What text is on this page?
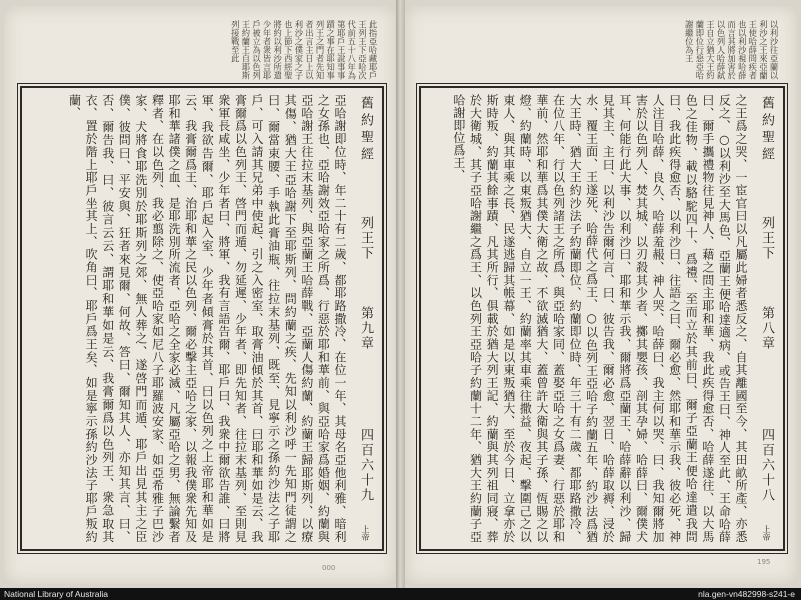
此指亞哈藏耶戶王列王下亞哈次代前五十八年為第耶戶王說事事蹟之事在耶知事列王之門者先知者出言主日上以利沙之僕家之子也上節下西經聖將約以利沙所遣少年者衆皆言耶戶被立為以色列王約蘭王自耶斯列接戰至此
亞哈謝即位時、年二十有二歲、都耶路撒冷、在位一年、其母名亞他利雅、暗利之女孫也、亞哈謝效亞哈家之所爲、行惡於耶和華前、與亞哈家爲婚姻、約蘭與亞哈謝王往拉末基列、與亞蘭王哈薛戰、亞蘭人傷約蘭、約蘭王歸耶斯列、以療其傷、猶大王亞哈謝下至耶斯列、問約蘭之疾、先知以利沙呼一先知門徒謂之曰、爾當束腰、手執此膏油瓶、往拉末基列、既至、見寧示之孫約沙法之子耶戶、可入請其兄弟中使起、引之入密室、取膏油傾於其首、曰耶和華如是云、我膏爾爲以色列王、啓門而遁、勿延遲、少年者、即先知者、往拉末基列、至則見衆軍長咸坐、少年者曰、將軍、我有言語告爾、耶戶曰、我衆中爾欲告誰、曰將軍、我欲告爾、耶戶起入室、少年者傾膏於其首、曰以色列之上帝耶和華如是云、我膏爾爲王、治耶和華之民以色列、爾必擊主亞哈之家、以報我僕衆先知及耶和華諸僕之血、是耶洗別所流者、亞哈之全家必滅、凡屬亞哈之男、無論繫者釋者、在以色列、我必翦除之、使亞哈家如尼八子耶羅波安家、如亞希雅子巴沙家、犬將食耶洗別於耶斯列之郊、無人葬之、遂啓門而遁、耶戶出見其主之臣僕、彼問曰、平安與、狂者來見爾、何故、答曰、爾知其人、亦知其言、曰、否、爾告我、曰、彼言云云、謂耶和華如是云、我膏爾爲以色列王、衆急取其衣、置於階上耶戶坐其上、吹角曰、耶戶爲王矣、如是寧示孫約沙法子耶戶叛約蘭、	舊約聖經
列王下
第九章
四百六十九
上帝
000
以利沙往亞蘭以利沙之王來亞蘭王使哈薛問疾者也以利沙視哈薛而言其將加害於以色列人哈薛弑王自立猶大王約蘭即位行惡亞哈謝繼位為王
之王爲之哭、一宦官曰以凡屬此婦者悉反之、自其離國至今、其田畝所產、亦悉反之、○以利沙至大馬色、亞蘭王便哈達適病、或告王曰、神人至此、王命哈薛曰、爾手攜禮物往見神人、藉之問主耶和華、我此疾得愈否、哈薛遂往、以大馬色之佳物、載以駱駝四十、爲禮、至而立於其前曰、爾子亞蘭王便哈達遣我問曰、我此疾得愈否、以利沙曰、往語之曰、爾必愈、然耶和華示我、彼必死、神人注目哈薛、良久、哈薛羞赧、神人哭、哈薛曰、我主何以哭、曰、我知爾將加害於以色列人、焚其城、以刃殺其少者、擲其嬰孩、剖其孕婦、哈薛曰、爾僕犬耳、何能行此大事、以利沙曰、耶和華示我、爾將爲亞蘭王、哈薛辭以利沙、歸見其主、主曰、以利沙告爾何言、曰、彼告我、爾必愈、翌日、哈薛取褥、浸於水、覆王面、王遂死、哈薛代之爲王、○以色列王亞哈子約蘭五年、約沙法爲猶大王時、猶大王約沙法子約蘭即位、約蘭即位時、年三十有二歲、都耶路撒冷、在位八年、行以色列諸王之所爲、與亞哈家同、蓋娶亞哈之女爲妻、行惡於耶和華前、然耶和華爲其僕大衛之故、不欲滅猶大、蓋曾許大衛與其子孫、恆賜之以燈、約蘭時、以東叛猶大、自立一王、約蘭率其車乘往撒益、夜起、擊圍己之以東人、與其車乘之長、民遂逃歸其帳幕、如是以東叛猶大、至於今日、立拿亦於斯時叛、約蘭其餘事蹟、凡其所行、俱載於猶大列王記、約蘭與其列祖同寢、葬於大衛城、其子亞哈謝繼之爲王、以色列王亞哈子約蘭十二年、猶大王約蘭子亞哈謝即位爲王、	舊約聖經
列王下
第八章
四百六十八
上帝
195
National Library of Australia	nla.gen-vn482998-s241-e
